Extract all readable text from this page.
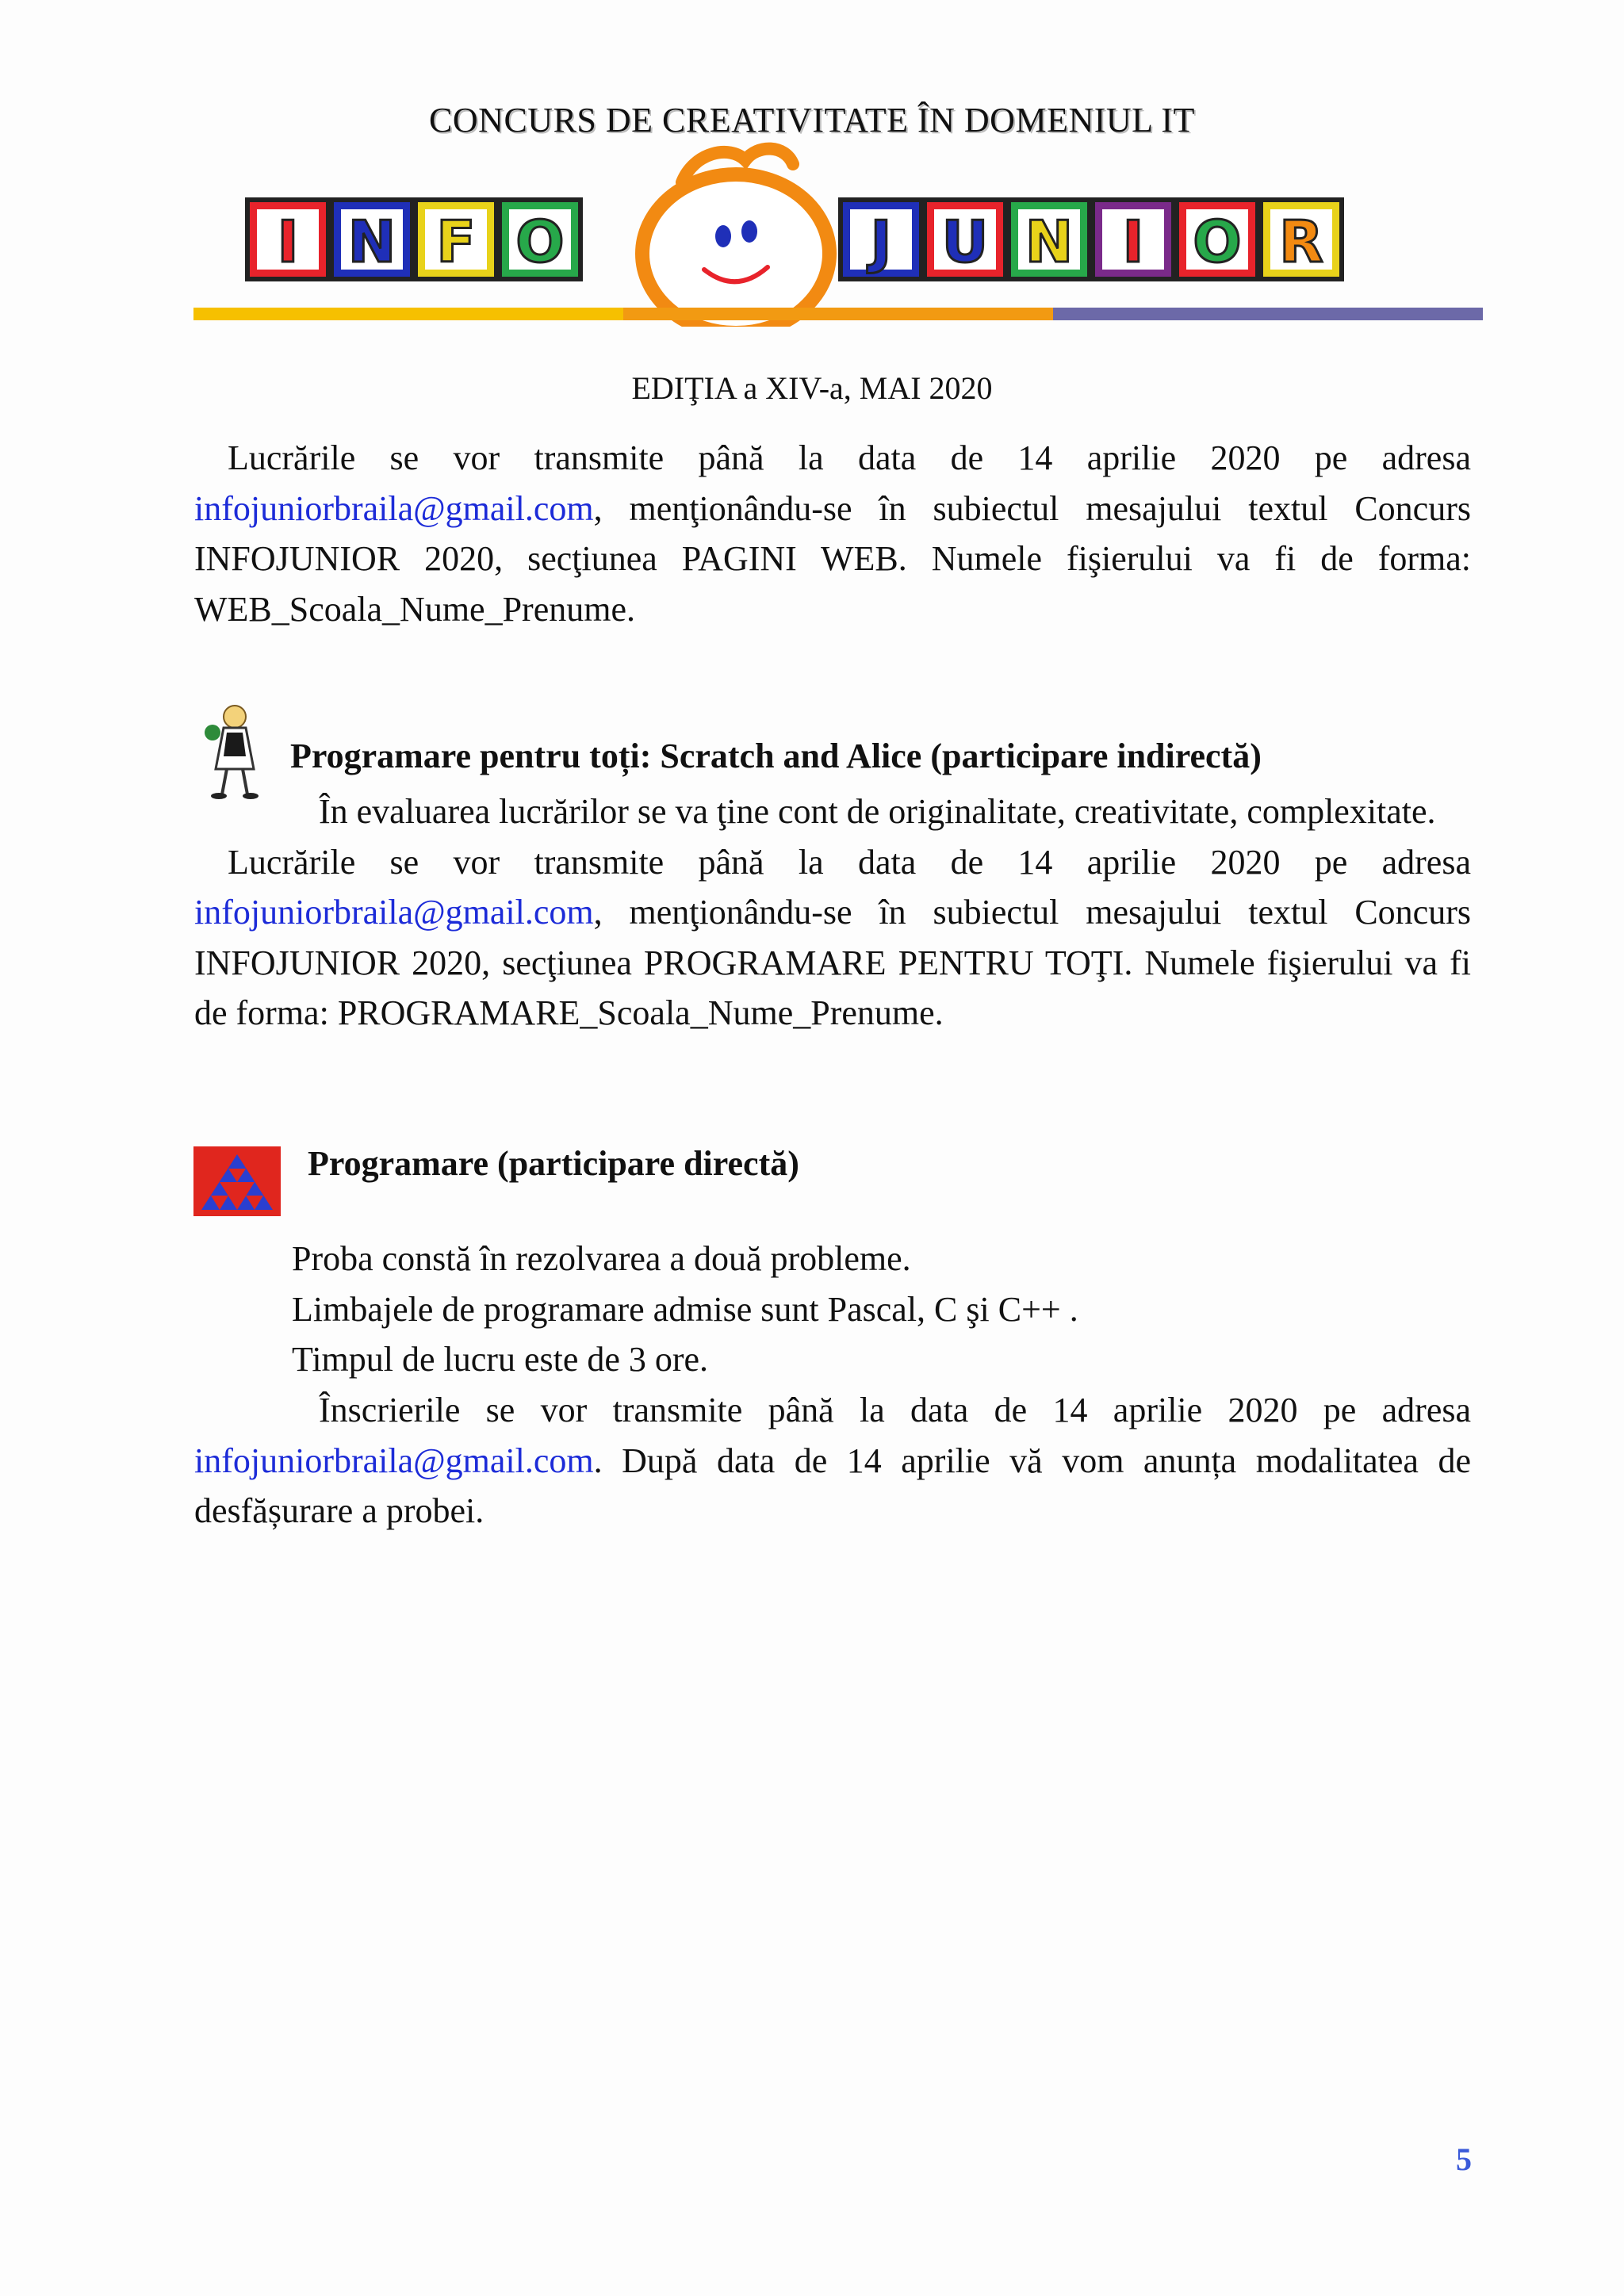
CONCURS DE CREATIVITATE ÎN DOMENIUL IT
I N F O	J U N I O R
EDIŢIA a XIV-a, MAI 2020

Lucrările se vor transmite până la data de 14 aprilie 2020 pe adresa infojuniorbraila@gmail.com, menţionându-se în subiectul mesajului textul Concurs INFOJUNIOR 2020, secţiunea PAGINI WEB. Numele fişierului va fi de forma: WEB_Scoala_Nume_Prenume.

Programare pentru toți: Scratch and Alice (participare indirectă)

În evaluarea lucrărilor se va ţine cont de originalitate, creativitate, complexitate.

Lucrările se vor transmite până la data de 14 aprilie 2020 pe adresa infojuniorbraila@gmail.com, menţionându-se în subiectul mesajului textul Concurs INFOJUNIOR 2020, secţiunea PROGRAMARE PENTRU TOŢI. Numele fişierului va fi de forma: PROGRAMARE_Scoala_Nume_Prenume.

Programare (participare directă)
Proba constă în rezolvarea a două probleme.
Limbajele de programare admise sunt Pascal, C şi C++ .
Timpul de lucru este de 3 ore.

Înscrierile se vor transmite până la data de 14 aprilie 2020 pe adresa infojuniorbraila@gmail.com. După data de 14 aprilie vă vom anunța modalitatea de desfășurare a probei.

5
